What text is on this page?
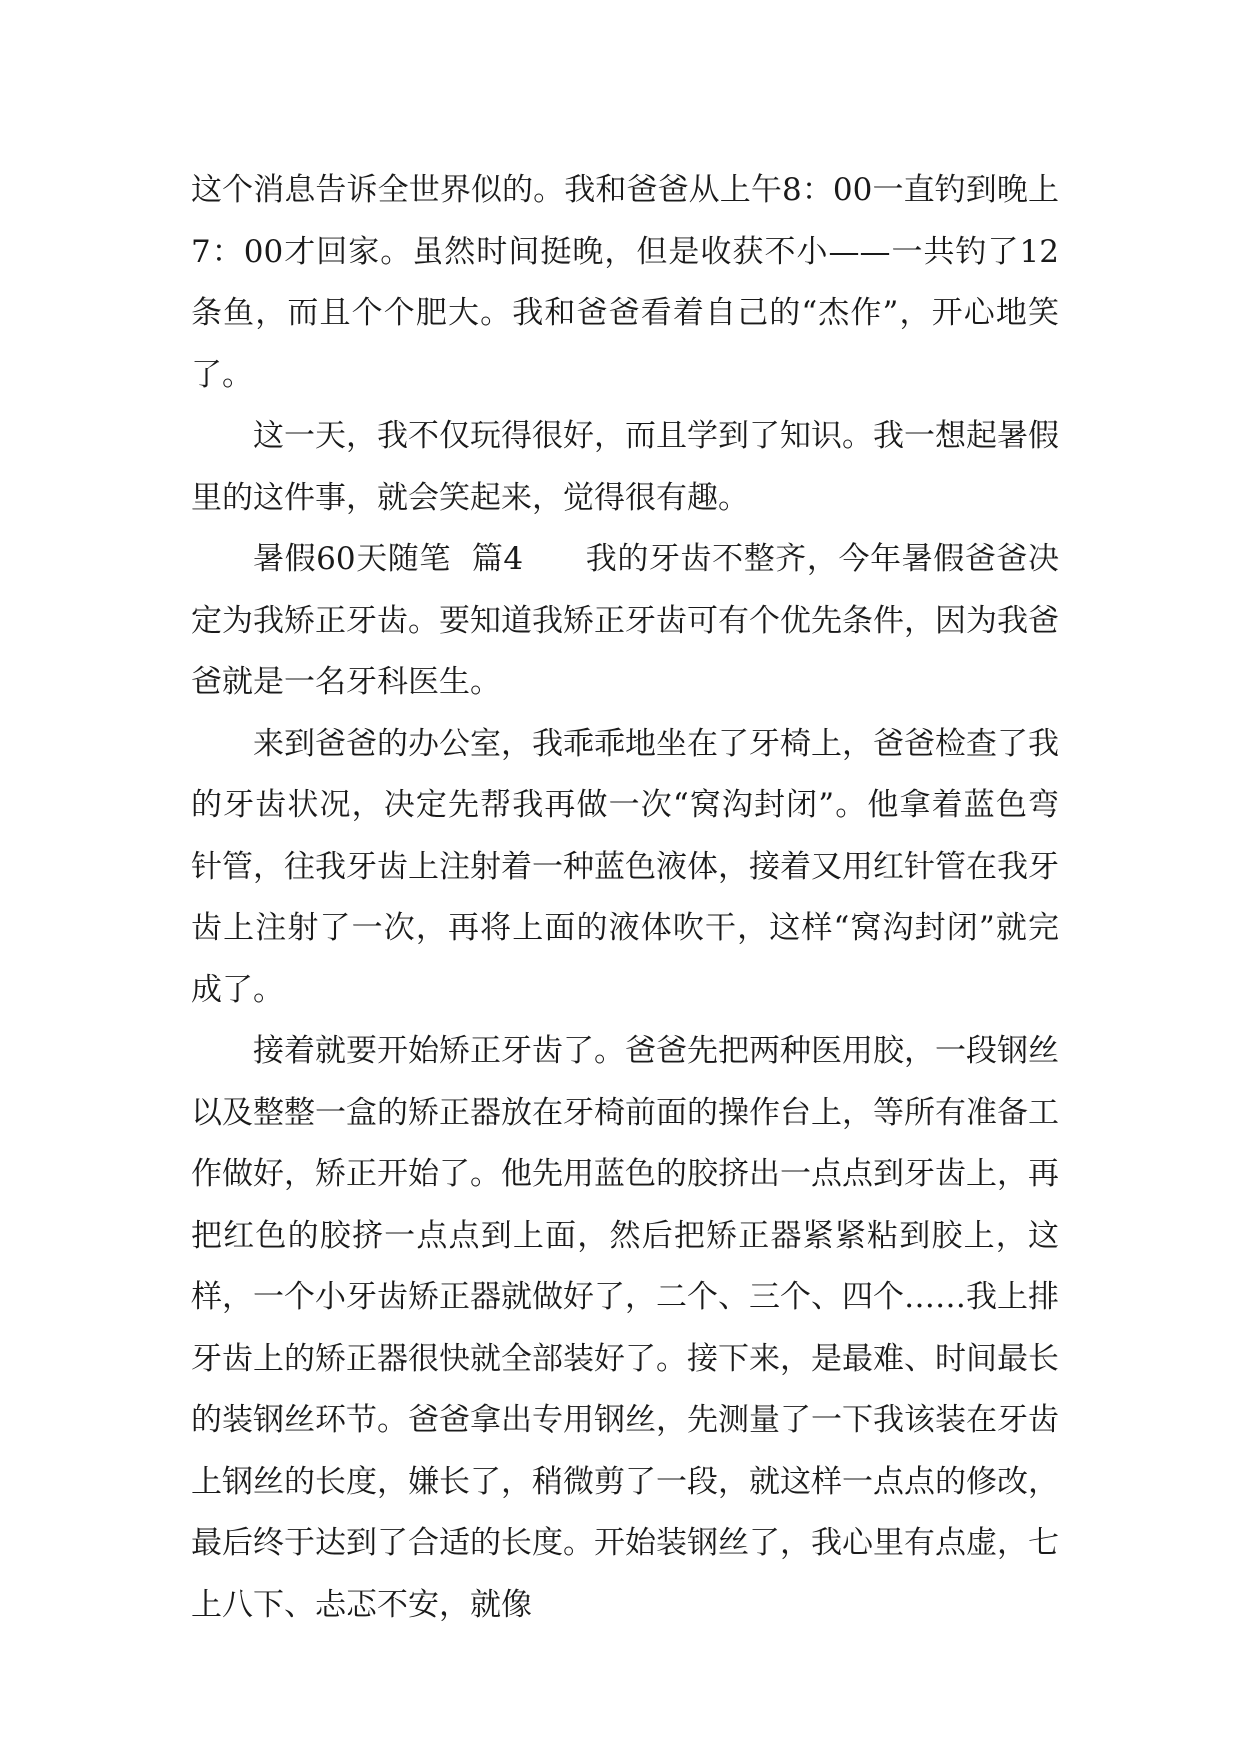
这个消息告诉全世界似的。我和爸爸从上午8：00一直钓到晚上7：00才回家。虽然时间挺晚，但是收获不小——一共钓了12条鱼，而且个个肥大。我和爸爸看着自己的“杰作”，开心地笑了。

这一天，我不仅玩得很好，而且学到了知识。我一想起暑假里的这件事，就会笑起来，觉得很有趣。

暑假60天随笔  篇4 我的牙齿不整齐，今年暑假爸爸决定为我矫正牙齿。要知道我矫正牙齿可有个优先条件，因为我爸爸就是一名牙科医生。

来到爸爸的办公室，我乖乖地坐在了牙椅上，爸爸检查了我的牙齿状况，决定先帮我再做一次“窝沟封闭”。他拿着蓝色弯针管，往我牙齿上注射着一种蓝色液体，接着又用红针管在我牙齿上注射了一次，再将上面的液体吹干，这样“窝沟封闭”就完成了。

接着就要开始矫正牙齿了。爸爸先把两种医用胶，一段钢丝以及整整一盒的矫正器放在牙椅前面的操作台上，等所有准备工作做好，矫正开始了。他先用蓝色的胶挤出一点点到牙齿上，再把红色的胶挤一点点到上面，然后把矫正器紧紧粘到胶上，这样，一个小牙齿矫正器就做好了，二个、三个、四个……我上排牙齿上的矫正器很快就全部装好了。接下来，是最难、时间最长的装钢丝环节。爸爸拿出专用钢丝，先测量了一下我该装在牙齿上钢丝的长度，嫌长了，稍微剪了一段，就这样一点点的修改，最后终于达到了合适的长度。开始装钢丝了，我心里有点虚，七上八下、忐忑不安，就像
